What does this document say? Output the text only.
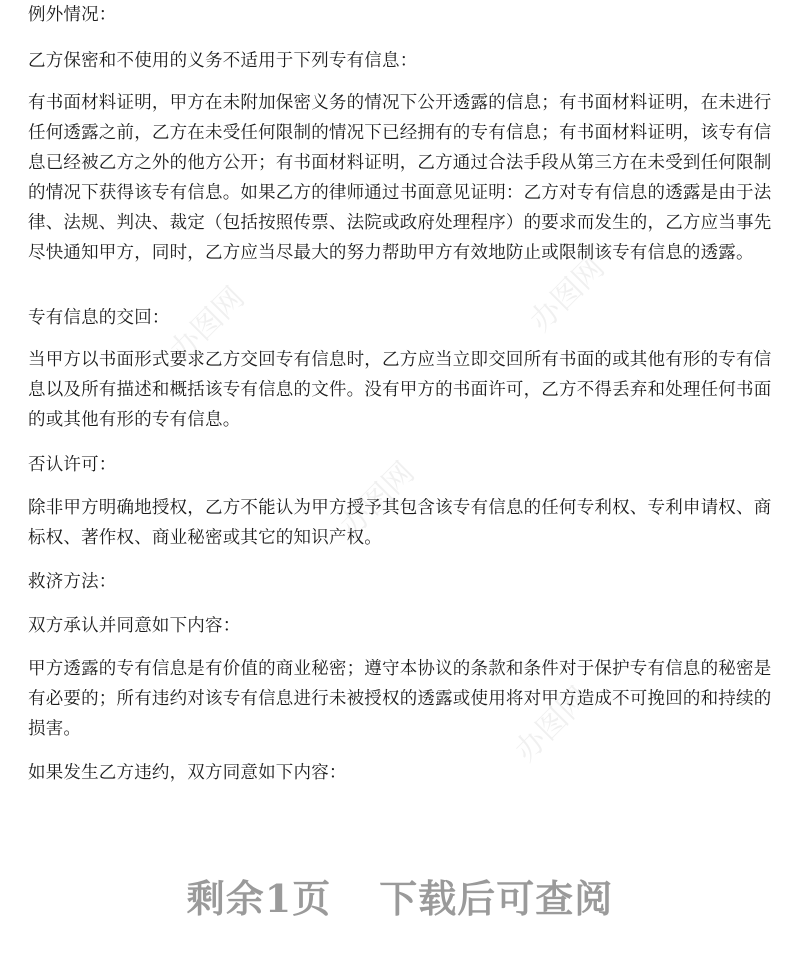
办图网
办图网
办图网
办图网

例外情况：

乙方保密和不使用的义务不适用于下列专有信息：

有书面材料证明，甲方在未附加保密义务的情况下公开透露的信息；有书面材料证明，在未进行任何透露之前，乙方在未受任何限制的情况下已经拥有的专有信息；有书面材料证明，该专有信息已经被乙方之外的他方公开；有书面材料证明，乙方通过合法手段从第三方在未受到任何限制的情况下获得该专有信息。如果乙方的律师通过书面意见证明：乙方对专有信息的透露是由于法律、法规、判决、裁定（包括按照传票、法院或政府处理程序）的要求而发生的，乙方应当事先尽快通知甲方，同时，乙方应当尽最大的努力帮助甲方有效地防止或限制该专有信息的透露。

专有信息的交回：

当甲方以书面形式要求乙方交回专有信息时，乙方应当立即交回所有书面的或其他有形的专有信息以及所有描述和概括该专有信息的文件。没有甲方的书面许可，乙方不得丢弃和处理任何书面的或其他有形的专有信息。

否认许可：

除非甲方明确地授权，乙方不能认为甲方授予其包含该专有信息的任何专利权、专利申请权、商标权、著作权、商业秘密或其它的知识产权。

救济方法：

双方承认并同意如下内容：

甲方透露的专有信息是有价值的商业秘密；遵守本协议的条款和条件对于保护专有信息的秘密是有必要的；所有违约对该专有信息进行未被授权的透露或使用将对甲方造成不可挽回的和持续的损害。

如果发生乙方违约，双方同意如下内容：

剩余1页 下载后可查阅
